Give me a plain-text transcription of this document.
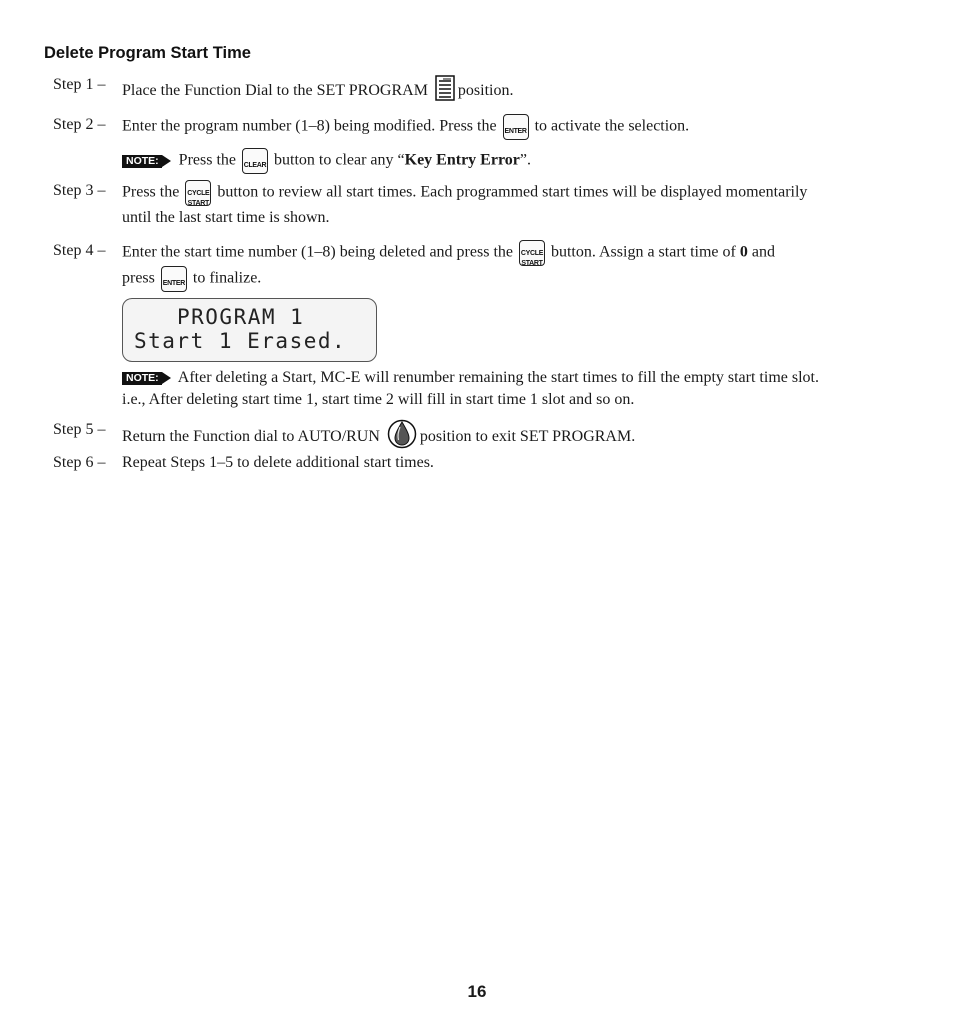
Delete Program Start Time
Step 1 – Place the Function Dial to the SET PROGRAM position.
Step 2 – Enter the program number (1–8) being modified. Press the ENTER to activate the selection.
NOTE: Press the CLEAR button to clear any “Key Entry Error”.
Step 3 – Press the CYCLE
START
button to review all start times. Each programmed start times will be displayed momentarily
until the last start time is shown.
Step 4 – Enter the start time number (1–8) being deleted and press the CYCLE
START
button. Assign a start time of 0 and
press ENTER to finalize.
PROGRAM 1
Start 1 Erased.
NOTE: After deleting a Start, MC-E will renumber remaining the start times to fill the empty start time slot.
i.e., After deleting start time 1, start time 2 will fill in start time 1 slot and so on.
Step 5 – Return the Function dial to AUTO/RUN	position to exit SET PROGRAM.
Step 6 – Repeat Steps 1–5 to delete additional start times.
16
